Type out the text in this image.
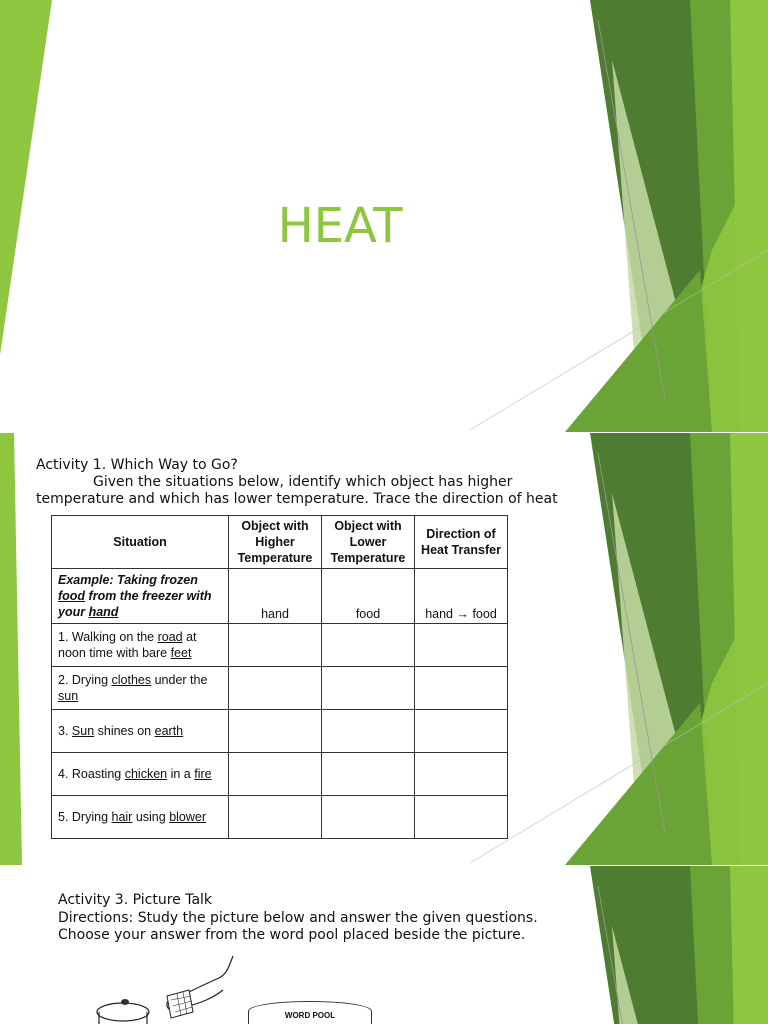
HEAT

Activity 1. Which Way to Go?

Given the situations below, identify which object has higher

temperature and which has lower temperature. Trace the direction of heat

Situation	Object with Higher Temperature	Object with Lower Temperature	Direction of Heat Transfer
Example: Taking frozen food from the freezer with your hand	hand	food	hand → food
1. Walking on the road at noon time with bare feet			
2. Drying clothes under the sun			
3. Sun shines on earth			
4. Roasting chicken in a fire			
5. Drying hair using blower			

Activity 3. Picture Talk

Directions: Study the picture below and answer the given questions.

Choose your answer from the word pool placed beside the picture.

WORD POOL
